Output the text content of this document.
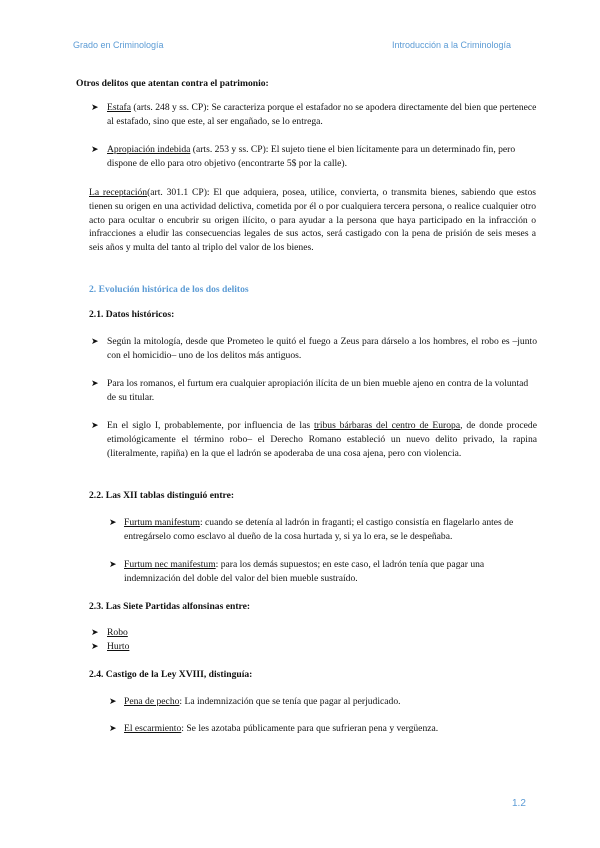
Grado en Criminología	Introducción a la Criminología
Otros delitos que atentan contra el patrimonio:
➤ Estafa (arts. 248 y ss. CP): Se caracteriza porque el estafador no se apodera directamente del bien que pertenece al estafado, sino que este, al ser engañado, se lo entrega.
➤ Apropiación indebida (arts. 253 y ss. CP): El sujeto tiene el bien lícitamente para un determinado fin, pero dispone de ello para otro objetivo (encontrarte 5$ por la calle).
La receptación(art. 301.1 CP): El que adquiera, posea, utilice, convierta, o transmita bienes, sabiendo que estos tienen su origen en una actividad delictiva, cometida por él o por cualquiera tercera persona, o realice cualquier otro acto para ocultar o encubrir su origen ilícito, o para ayudar a la persona que haya participado en la infracción o infracciones a eludir las consecuencias legales de sus actos, será castigado con la pena de prisión de seis meses a seis años y multa del tanto al triplo del valor de los bienes.
2. Evolución histórica de los dos delitos
2.1. Datos históricos:
➤ Según la mitología, desde que Prometeo le quitó el fuego a Zeus para dárselo a los hombres, el robo es –junto con el homicidio– uno de los delitos más antiguos.
➤ Para los romanos, el furtum era cualquier apropiación ilícita de un bien mueble ajeno en contra de la voluntad de su titular.
➤ En el siglo I, probablemente, por influencia de las tribus bárbaras del centro de Europa, de donde procede etimológicamente el término robo– el Derecho Romano estableció un nuevo delito privado, la rapina (literalmente, rapiña) en la que el ladrón se apoderaba de una cosa ajena, pero con violencia.
2.2. Las XII tablas distinguió entre:
➤ Furtum manifestum: cuando se detenía al ladrón in fraganti; el castigo consistía en flagelarlo antes de entregárselo como esclavo al dueño de la cosa hurtada y, si ya lo era, se le despeñaba.
➤ Furtum nec manifestum: para los demás supuestos; en este caso, el ladrón tenía que pagar una indemnización del doble del valor del bien mueble sustraído.
2.3. Las Siete Partidas alfonsinas entre:
➤ Robo
➤ Hurto
2.4. Castigo de la Ley XVIII, distinguía:
➤ Pena de pecho: La indemnización que se tenía que pagar al perjudicado.
➤ El escarmiento: Se les azotaba públicamente para que sufrieran pena y vergüenza.
1.2
